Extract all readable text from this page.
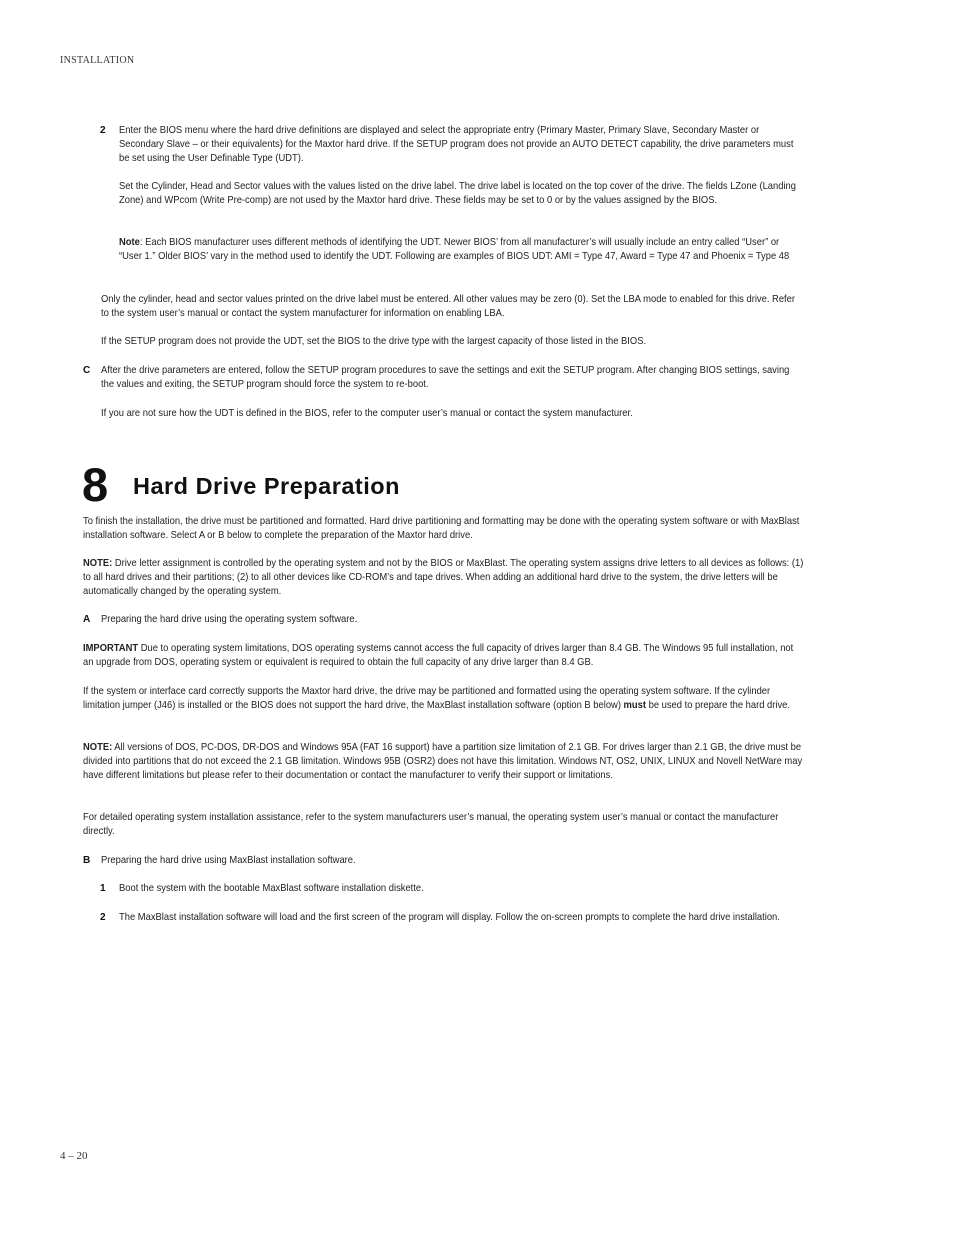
INSTALLATION
2 Enter the BIOS menu where the hard drive definitions are displayed and select the appropriate entry (Primary Master, Primary Slave, Secondary Master or Secondary Slave – or their equivalents) for the Maxtor hard drive. If the SETUP program does not provide an AUTO DETECT capability, the drive parameters must be set using the User Definable Type (UDT).
Set the Cylinder, Head and Sector values with the values listed on the drive label. The drive label is located on the top cover of the drive. The fields LZone (Landing Zone) and WPcom (Write Pre-comp) are not used by the Maxtor hard drive. These fields may be set to 0 or by the values assigned by the BIOS.
Note: Each BIOS manufacturer uses different methods of identifying the UDT. Newer BIOS’ from all manufacturer’s will usually include an entry called “User” or “User 1.” Older BIOS’ vary in the method used to identify the UDT. Following are examples of BIOS UDT: AMI = Type 47, Award = Type 47 and Phoenix = Type 48
Only the cylinder, head and sector values printed on the drive label must be entered. All other values may be zero (0). Set the LBA mode to enabled for this drive. Refer to the system user’s manual or contact the system manufacturer for information on enabling LBA.
If the SETUP program does not provide the UDT, set the BIOS to the drive type with the largest capacity of those listed in the BIOS.
C After the drive parameters are entered, follow the SETUP program procedures to save the settings and exit the SETUP program. After changing BIOS settings, saving the values and exiting, the SETUP program should force the system to re-boot.
If you are not sure how the UDT is defined in the BIOS, refer to the computer user’s manual or contact the system manufacturer.
8 Hard Drive Preparation
To finish the installation, the drive must be partitioned and formatted. Hard drive partitioning and formatting may be done with the operating system software or with MaxBlast installation software. Select A or B below to complete the preparation of the Maxtor hard drive.
NOTE: Drive letter assignment is controlled by the operating system and not by the BIOS or MaxBlast. The operating system assigns drive letters to all devices as follows: (1) to all hard drives and their partitions; (2) to all other devices like CD-ROM’s and tape drives. When adding an additional hard drive to the system, the drive letters will be automatically changed by the operating system.
A Preparing the hard drive using the operating system software.
IMPORTANT Due to operating system limitations, DOS operating systems cannot access the full capacity of drives larger than 8.4 GB. The Windows 95 full installation, not an upgrade from DOS, operating system or equivalent is required to obtain the full capacity of any drive larger than 8.4 GB.
If the system or interface card correctly supports the Maxtor hard drive, the drive may be partitioned and formatted using the operating system software. If the cylinder limitation jumper (J46) is installed or the BIOS does not support the hard drive, the MaxBlast installation software (option B below) must be used to prepare the hard drive.
NOTE: All versions of DOS, PC-DOS, DR-DOS and Windows 95A (FAT 16 support) have a partition size limitation of 2.1 GB. For drives larger than 2.1 GB, the drive must be divided into partitions that do not exceed the 2.1 GB limitation. Windows 95B (OSR2) does not have this limitation. Windows NT, OS2, UNIX, LINUX and Novell NetWare may have different limitations but please refer to their documentation or contact the manufacturer to verify their support or limitations.
For detailed operating system installation assistance, refer to the system manufacturers user’s manual, the operating system user’s manual or contact the manufacturer directly.
B Preparing the hard drive using MaxBlast installation software.
1 Boot the system with the bootable MaxBlast software installation diskette.
2 The MaxBlast installation software will load and the first screen of the program will display. Follow the on-screen prompts to complete the hard drive installation.
4 – 20
